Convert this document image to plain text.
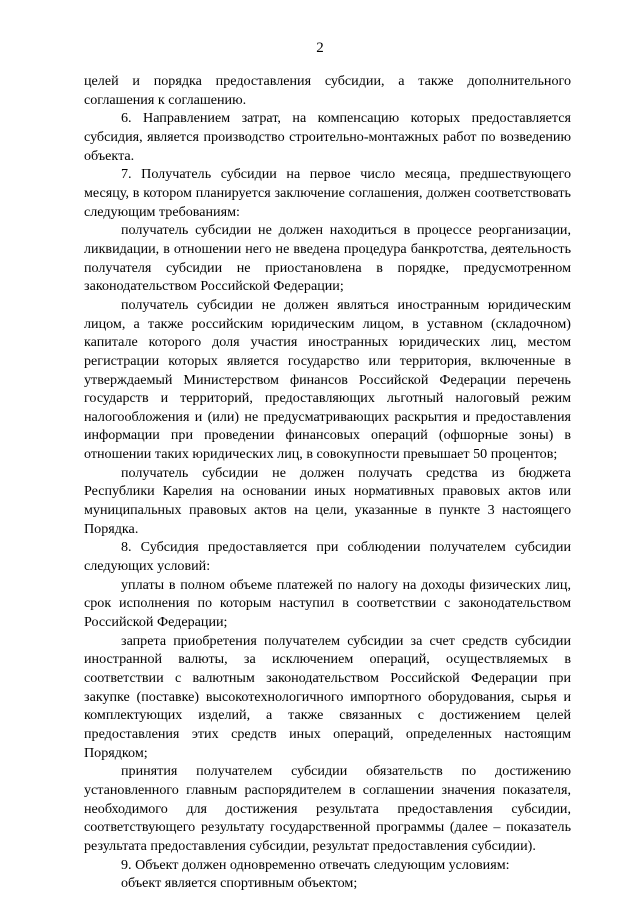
2

целей и порядка предоставления субсидии, а также дополнительного соглашения к соглашению.

6. Направлением затрат, на компенсацию которых предоставляется субсидия, является производство строительно-монтажных работ по возведению объекта.

7. Получатель субсидии на первое число месяца, предшествующего месяцу, в котором планируется заключение соглашения, должен соответствовать следующим требованиям:

получатель субсидии не должен находиться в процессе реорганизации, ликвидации, в отношении него не введена процедура банкротства, деятельность получателя субсидии не приостановлена в порядке, предусмотренном законодательством Российской Федерации;

получатель субсидии не должен являться иностранным юридическим лицом, а также российским юридическим лицом, в уставном (складочном) капитале которого доля участия иностранных юридических лиц, местом регистрации которых является государство или территория, включенные в утверждаемый Министерством финансов Российской Федерации перечень государств и территорий, предоставляющих льготный налоговый режим налогообложения и (или) не предусматривающих раскрытия и предоставления информации при проведении финансовых операций (офшорные зоны) в отношении таких юридических лиц, в совокупности превышает 50 процентов;

получатель субсидии не должен получать средства из бюджета Республики Карелия на основании иных нормативных правовых актов или муниципальных правовых актов на цели, указанные в пункте 3 настоящего Порядка.

8. Субсидия предоставляется при соблюдении получателем субсидии следующих условий:

уплаты в полном объеме платежей по налогу на доходы физических лиц, срок исполнения по которым наступил в соответствии с законодательством Российской Федерации;

запрета приобретения получателем субсидии за счет средств субсидии иностранной валюты, за исключением операций, осуществляемых в соответствии с валютным законодательством Российской Федерации при закупке (поставке) высокотехнологичного импортного оборудования, сырья и комплектующих изделий, а также связанных с достижением целей предоставления этих средств иных операций, определенных настоящим Порядком;

принятия получателем субсидии обязательств по достижению установленного главным распорядителем в соглашении значения показателя, необходимого для достижения результата предоставления субсидии, соответствующего результату государственной программы (далее – показатель результата предоставления субсидии, результат предоставления субсидии).

9. Объект должен одновременно отвечать следующим условиям:

объект является спортивным объектом;
